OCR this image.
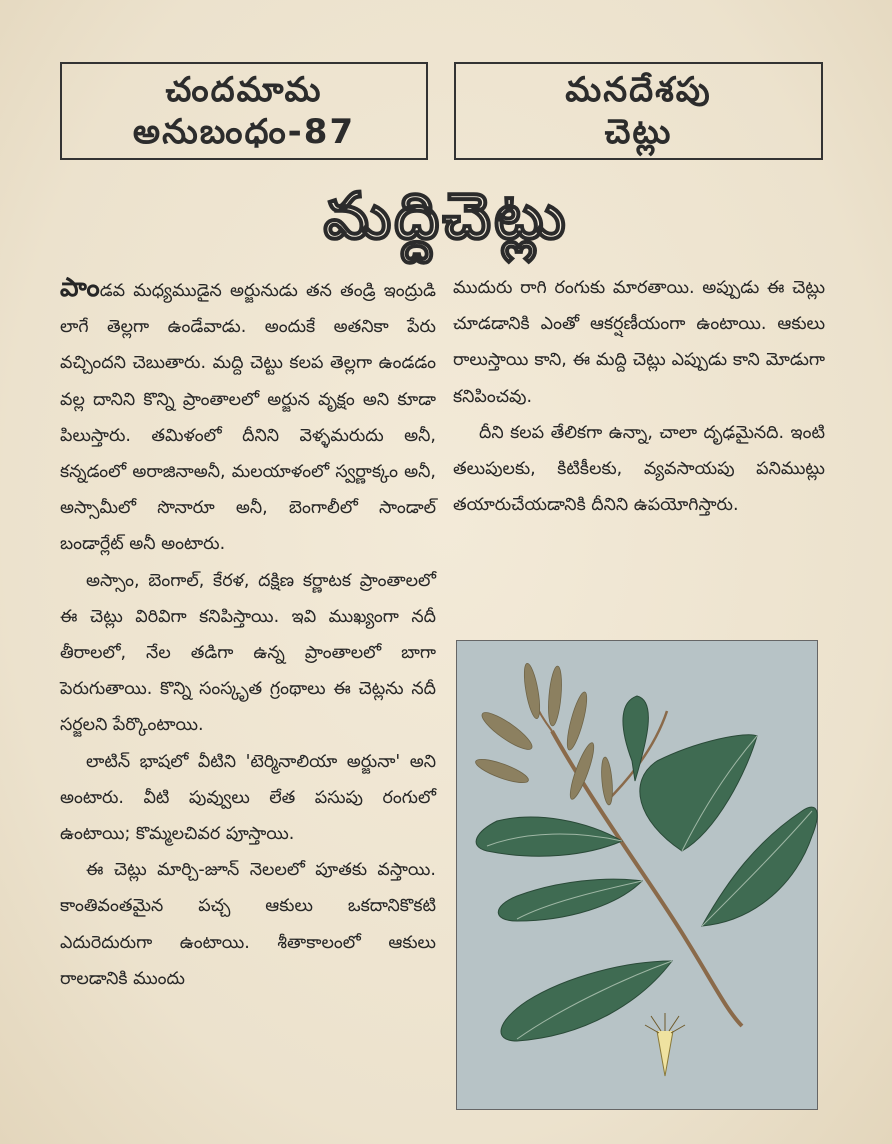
చందమామ
అనుబంధం-87
మనదేశపు
చెట్లు
మద్దిచెట్లు

పాండవ మధ్యముడైన అర్జునుడు తన తండ్రి ఇంద్రుడి లాగే తెల్లగా ఉండేవాడు. అందుకే అతనికా పేరు వచ్చిందని చెబుతారు. మద్ది చెట్టు కలప తెల్లగా ఉండడం వల్ల దానిని కొన్ని ప్రాంతాలలో అర్జున వృక్షం అని కూడా పిలుస్తారు. తమిళంలో దీనిని వెళ్ళమరుదు అనీ, కన్నడంలో అరాజినాఅనీ, మలయాళంలో స్వర్ణాక్కం అనీ, అస్సామీలో సొనారూ అనీ, బెంగాలీలో సాండాల్ బండార్లేట్ అనీ అంటారు.

అస్సాం, బెంగాల్, కేరళ, దక్షిణ కర్ణాటక ప్రాంతాలలో ఈ చెట్లు విరివిగా కనిపిస్తాయి. ఇవి ముఖ్యంగా నదీ తీరాలలో, నేల తడిగా ఉన్న ప్రాంతాలలో బాగా పెరుగుతాయి. కొన్ని సంస్కృత గ్రంథాలు ఈ చెట్లను నదీ సర్జలని పేర్కొంటాయి.

లాటిన్ భాషలో వీటిని 'టెర్మినాలియా అర్జునా' అని అంటారు. వీటి పువ్వులు లేత పసుపు రంగులో ఉంటాయి; కొమ్మలచివర పూస్తాయి.

ఈ చెట్లు మార్చి-జూన్ నెలలలో పూతకు వస్తాయి. కాంతివంతమైన పచ్చ ఆకులు ఒకదానికొకటి ఎదురెదురుగా ఉంటాయి. శీతాకాలంలో ఆకులు రాలడానికి ముందు

ముదురు రాగి రంగుకు మారతాయి. అప్పుడు ఈ చెట్లు చూడడానికి ఎంతో ఆకర్షణీయంగా ఉంటాయి. ఆకులు రాలుస్తాయి కాని, ఈ మద్ది చెట్లు ఎప్పుడు కాని మోడుగా కనిపించవు.

దీని కలప తేలికగా ఉన్నా, చాలా దృఢమైనది. ఇంటి తలుపులకు, కిటికీలకు, వ్యవసాయపు పనిముట్లు తయారుచేయడానికి దీనిని ఉపయోగిస్తారు.
